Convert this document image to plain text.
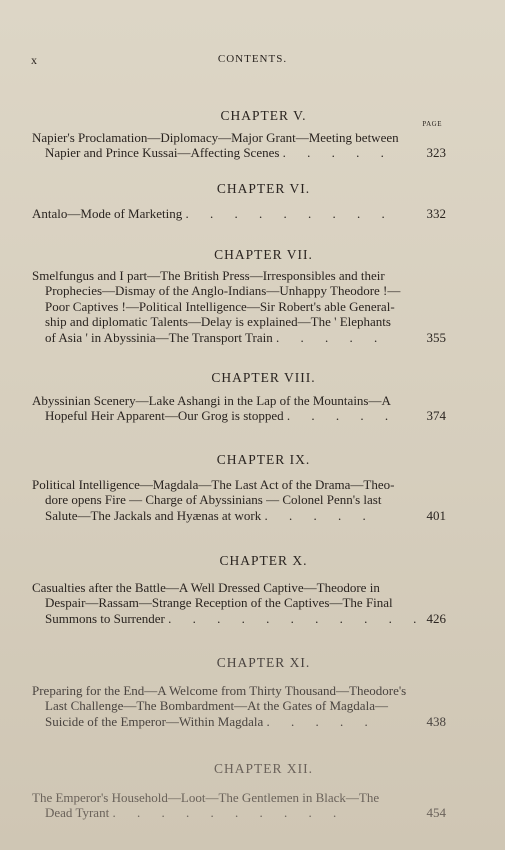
x	CONTENTS.
CHAPTER V.
PAGE
Napier's Proclamation—Diplomacy—Major Grant—Meeting between
Napier and Prince Kussai—Affecting Scenes . . . . .	323
CHAPTER VI.
Antalo—Mode of Marketing . . . . . . . . .	332
CHAPTER VII.
Smelfungus and I part—The British Press—Irresponsibles and their
Prophecies—Dismay of the Anglo-Indians—Unhappy Theodore !—
Poor Captives !—Political Intelligence—Sir Robert's able General-
ship and diplomatic Talents—Delay is explained—The ' Elephants
of Asia ' in Abyssinia—The Transport Train . . . . .	355
CHAPTER VIII.
Abyssinian Scenery—Lake Ashangi in the Lap of the Mountains—A
Hopeful Heir Apparent—Our Grog is stopped . . . . . 374
CHAPTER IX.
Political Intelligence—Magdala—The Last Act of the Drama—Theo-
dore opens Fire — Charge of Abyssinians — Colonel Penn's last
Salute—The Jackals and Hyænas at work . . . . .	401
CHAPTER X.
Casualties after the Battle—A Well Dressed Captive—Theodore in
Despair—Rassam—Strange Reception of the Captives—The Final
Summons to Surrender . . . . . . . . . . . 426
CHAPTER XI.
Preparing for the End—A Welcome from Thirty Thousand—Theodore's
Last Challenge—The Bombardment—At the Gates of Magdala—
Suicide of the Emperor—Within Magdala . . . . .	438
CHAPTER XII.
The Emperor's Household—Loot—The Gentlemen in Black—The
Dead Tyrant . . . . . . . . . .	454
